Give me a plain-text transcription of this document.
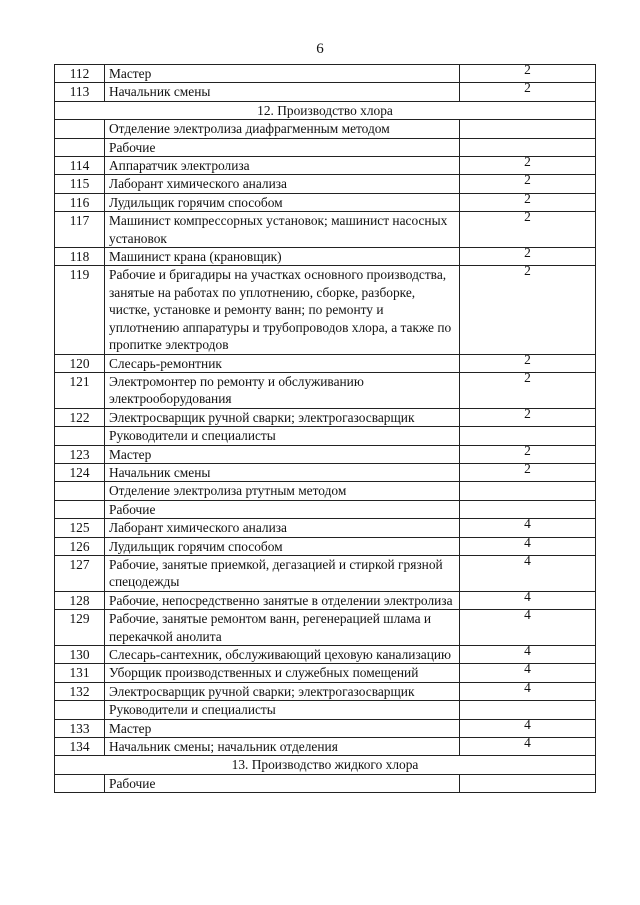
6
112	Мастер	2
113	Начальник смены	2
12. Производство хлора		
	Отделение электролиза диафрагменным методом	
	Рабочие	
114	Аппаратчик электролиза	2
115	Лаборант химического анализа	2
116	Лудильщик горячим способом	2
117	Машинист компрессорных установок; машинист насосных установок	2
118	Машинист крана (крановщик)	2
119	Рабочие и бригадиры на участках основного производства, занятые на работах по уплотнению, сборке, разборке, чистке, установке и ремонту ванн; по ремонту и уплотнению аппаратуры и трубопроводов хлора, а также по пропитке электродов	2
120	Слесарь-ремонтник	2
121	Электромонтер по ремонту и обслуживанию электрооборудования	2
122	Электросварщик ручной сварки; электрогазосварщик	2
	Руководители и специалисты	
123	Мастер	2
124	Начальник смены	2
	Отделение электролиза ртутным методом	
	Рабочие	
125	Лаборант химического анализа	4
126	Лудильщик горячим способом	4
127	Рабочие, занятые приемкой, дегазацией и стиркой грязной спецодежды	4
128	Рабочие, непосредственно занятые в отделении электролиза	4
129	Рабочие, занятые ремонтом ванн, регенерацией шлама и перекачкой анолита	4
130	Слесарь-сантехник, обслуживающий цеховую канализацию	4
131	Уборщик производственных и служебных помещений	4
132	Электросварщик ручной сварки; электрогазосварщик	4
	Руководители и специалисты	
133	Мастер	4
134	Начальник смены; начальник отделения	4
13. Производство жидкого хлора		
	Рабочие	
